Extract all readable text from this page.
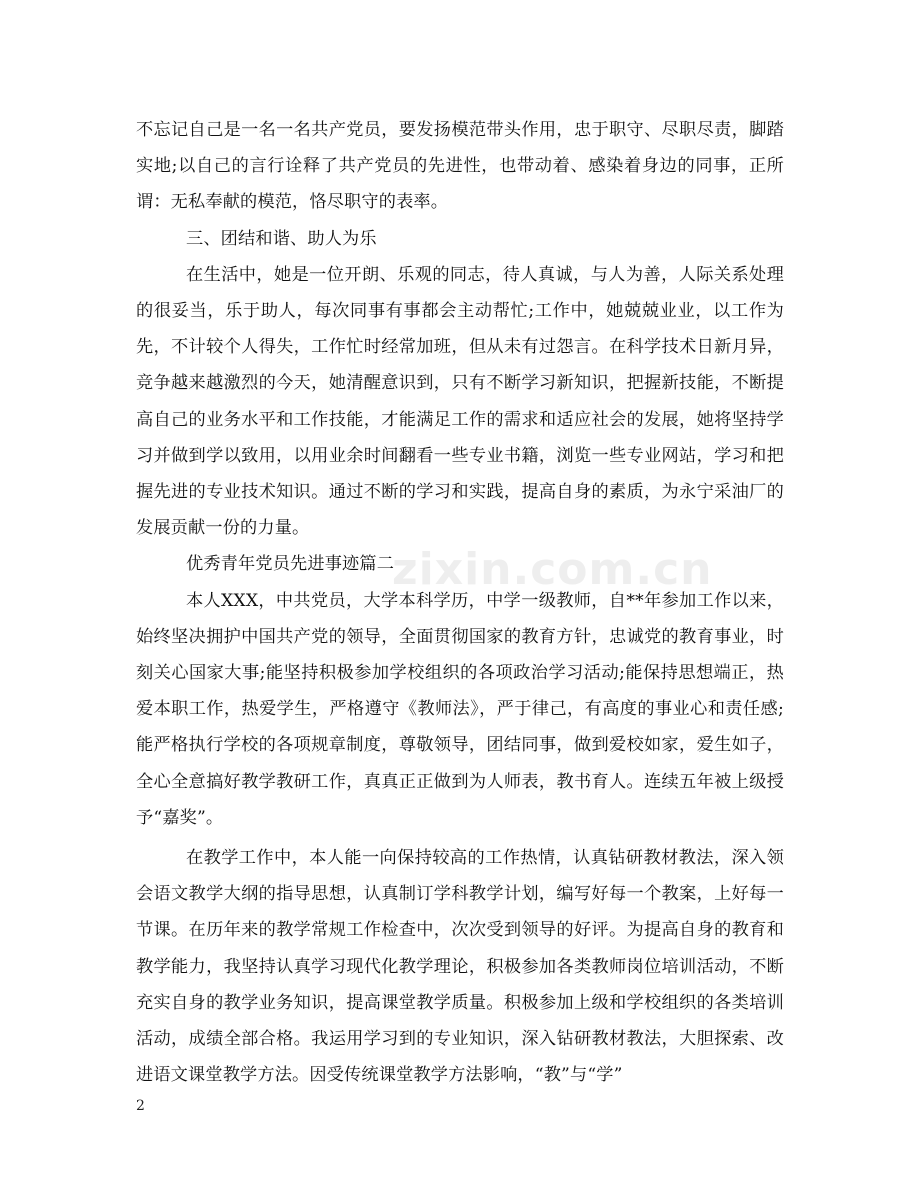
不忘记自己是一名一名共产党员，要发扬模范带头作用，忠于职守、尽职尽责，脚踏实地;以自己的言行诠释了共产党员的先进性，也带动着、感染着身边的同事，正所谓：无私奉献的模范，恪尽职守的表率。

三、团结和谐、助人为乐

在生活中，她是一位开朗、乐观的同志，待人真诚，与人为善，人际关系处理的很妥当，乐于助人，每次同事有事都会主动帮忙;工作中，她兢兢业业，以工作为先，不计较个人得失，工作忙时经常加班，但从未有过怨言。在科学技术日新月异，竞争越来越激烈的今天，她清醒意识到，只有不断学习新知识，把握新技能，不断提高自己的业务水平和工作技能，才能满足工作的需求和适应社会的发展，她将坚持学习并做到学以致用，以用业余时间翻看一些专业书籍，浏览一些专业网站，学习和把握先进的专业技术知识。通过不断的学习和实践，提高自身的素质，为永宁采油厂的发展贡献一份的力量。

优秀青年党员先进事迹篇二

本人XXX，中共党员，大学本科学历，中学一级教师，自**年参加工作以来，始终坚决拥护中国共产党的领导，全面贯彻国家的教育方针，忠诚党的教育事业，时刻关心国家大事;能坚持积极参加学校组织的各项政治学习活动;能保持思想端正，热爱本职工作，热爱学生，严格遵守《教师法》，严于律己，有高度的事业心和责任感;能严格执行学校的各项规章制度，尊敬领导，团结同事，做到爱校如家，爱生如子，全心全意搞好教学教研工作，真真正正做到为人师表，教书育人。连续五年被上级授予“嘉奖”。

在教学工作中，本人能一向保持较高的工作热情，认真钻研教材教法，深入领会语文教学大纲的指导思想，认真制订学科教学计划，编写好每一个教案，上好每一节课。在历年来的教学常规工作检查中，次次受到领导的好评。为提高自身的教育和教学能力，我坚持认真学习现代化教学理论，积极参加各类教师岗位培训活动，不断充实自身的教学业务知识，提高课堂教学质量。积极参加上级和学校组织的各类培训活动，成绩全部合格。我运用学习到的专业知识，深入钻研教材教法，大胆探索、改进语文课堂教学方法。因受传统课堂教学方法影响，“教”与“学”

zixin.com.cn
2
